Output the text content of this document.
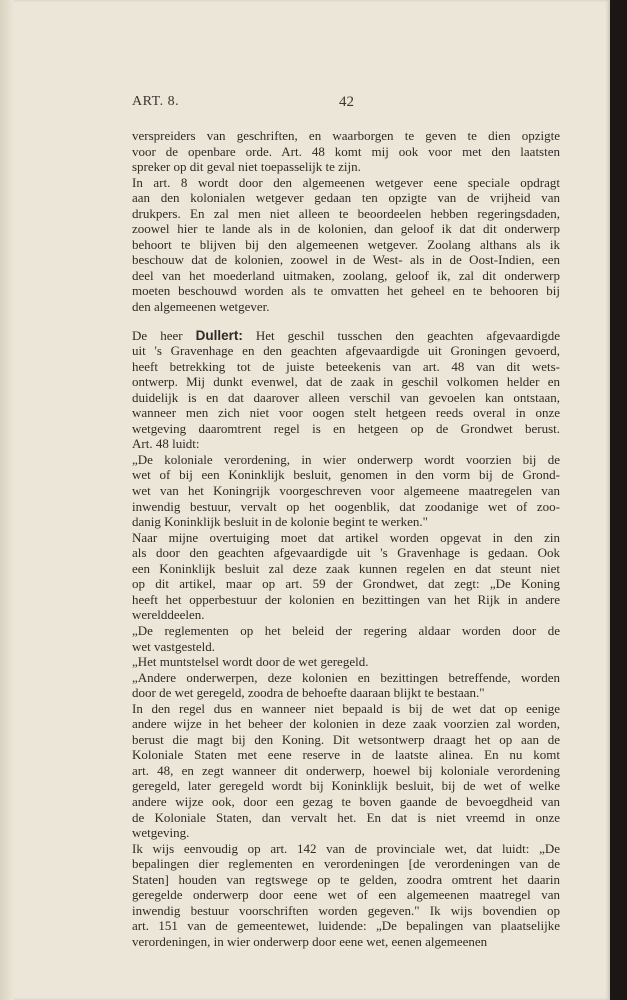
ART. 8.	42
verspreiders van geschriften, en waarborgen te geven te dien opzigte
voor de openbare orde. Art. 48 komt mij ook voor met den laatsten
spreker op dit geval niet toepasselijk te zijn.
In art. 8 wordt door den algemeenen wetgever eene speciale opdragt
aan den kolonialen wetgever gedaan ten opzigte van de vrijheid van
drukpers. En zal men niet alleen te beoordeelen hebben regeringsdaden,
zoowel hier te lande als in de kolonien, dan geloof ik dat dit onderwerp
behoort te blijven bij den algemeenen wetgever. Zoolang althans als ik
beschouw dat de kolonien, zoowel in de West- als in de Oost-Indien, een
deel van het moederland uitmaken, zoolang, geloof ik, zal dit onderwerp
moeten beschouwd worden als te omvatten het geheel en te behooren bij
den algemeenen wetgever.
De heer Dullert: Het geschil tusschen den geachten afgevaardigde
uit 's Gravenhage en den geachten afgevaardigde uit Groningen gevoerd,
heeft betrekking tot de juiste beteekenis van art. 48 van dit wets-
ontwerp. Mij dunkt evenwel, dat de zaak in geschil volkomen helder en
duidelijk is en dat daarover alleen verschil van gevoelen kan ontstaan,
wanneer men zich niet voor oogen stelt hetgeen reeds overal in onze
wetgeving daaromtrent regel is en hetgeen op de Grondwet berust.
Art. 48 luidt:
„De koloniale verordening, in wier onderwerp wordt voorzien bij de
wet of bij een Koninklijk besluit, genomen in den vorm bij de Grond-
wet van het Koningrijk voorgeschreven voor algemeene maatregelen van
inwendig bestuur, vervalt op het oogenblik, dat zoodanige wet of zoo-
danig Koninklijk besluit in de kolonie begint te werken."
Naar mijne overtuiging moet dat artikel worden opgevat in den zin
als door den geachten afgevaardigde uit 's Gravenhage is gedaan. Ook
een Koninklijk besluit zal deze zaak kunnen regelen en dat steunt niet
op dit artikel, maar op art. 59 der Grondwet, dat zegt: „De Koning
heeft het opperbestuur der kolonien en bezittingen van het Rijk in andere
werelddeelen.
„De reglementen op het beleid der regering aldaar worden door de
wet vastgesteld.
„Het muntstelsel wordt door de wet geregeld.
„Andere onderwerpen, deze kolonien en bezittingen betreffende, worden
door de wet geregeld, zoodra de behoefte daaraan blijkt te bestaan."
In den regel dus en wanneer niet bepaald is bij de wet dat op eenige
andere wijze in het beheer der kolonien in deze zaak voorzien zal worden,
berust die magt bij den Koning. Dit wetsontwerp draagt het op aan de
Koloniale Staten met eene reserve in de laatste alinea. En nu komt
art. 48, en zegt wanneer dit onderwerp, hoewel bij koloniale verordening
geregeld, later geregeld wordt bij Koninklijk besluit, bij de wet of welke
andere wijze ook, door een gezag te boven gaande de bevoegdheid van
de Koloniale Staten, dan vervalt het. En dat is niet vreemd in onze
wetgeving.
Ik wijs eenvoudig op art. 142 van de provinciale wet, dat luidt: „De
bepalingen dier reglementen en verordeningen [de verordeningen van de
Staten] houden van regtswege op te gelden, zoodra omtrent het daarin
geregelde onderwerp door eene wet of een algemeenen maatregel van
inwendig bestuur voorschriften worden gegeven." Ik wijs bovendien op
art. 151 van de gemeentewet, luidende: „De bepalingen van plaatselijke
verordeningen, in wier onderwerp door eene wet, eenen algemeenen
